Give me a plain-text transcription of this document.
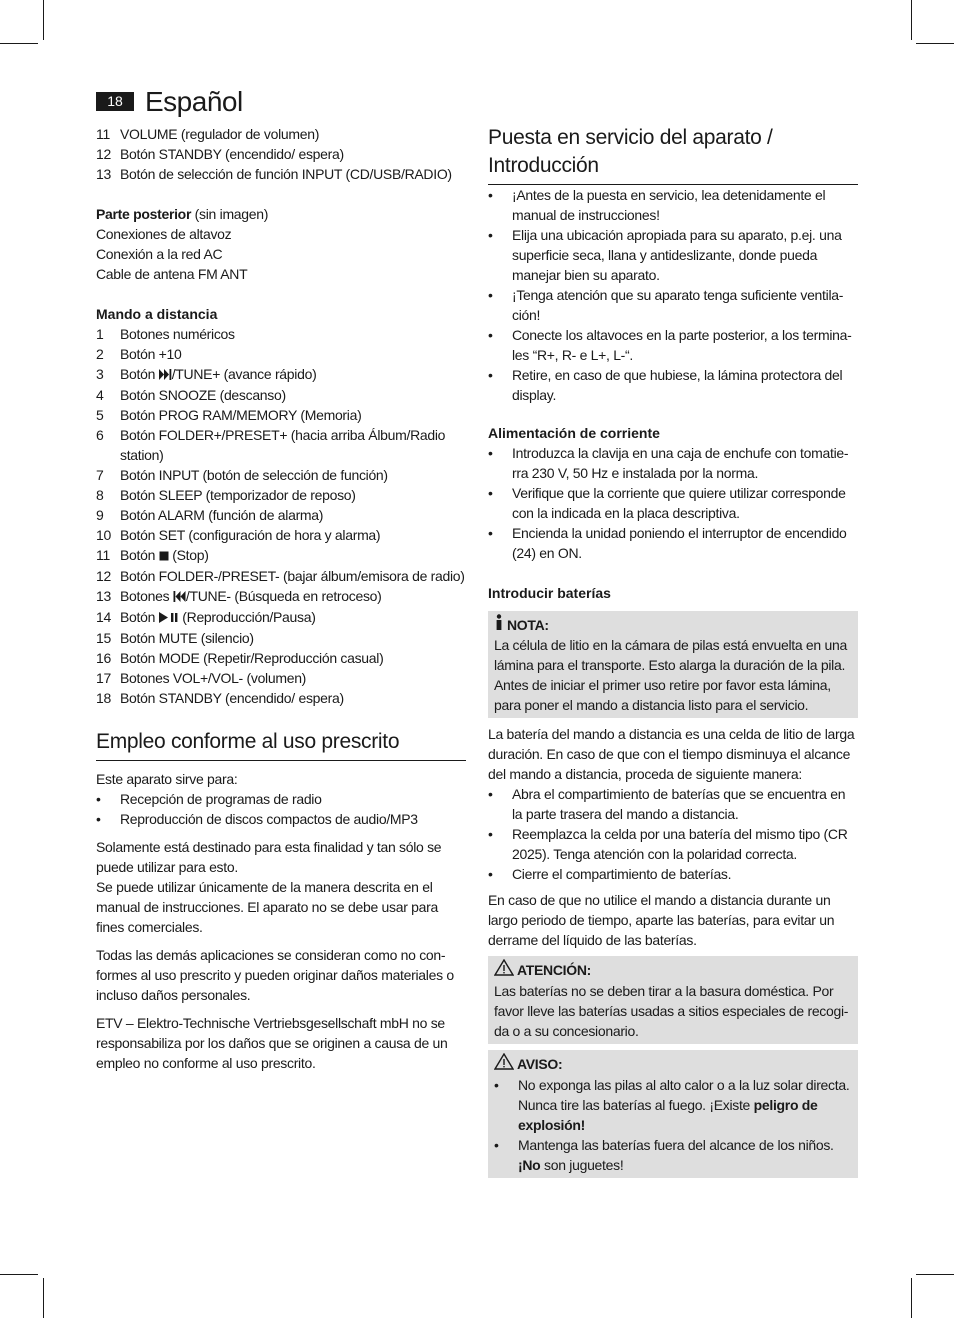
18 Español
11 VOLUME (regulador de volumen)
12 Botón STANDBY (encendido/ espera)
13 Botón de selección de función INPUT (CD/USB/RADIO)

Parte posterior (sin imagen)

Conexiones de altavoz

Conexión a la red AC

Cable de antena FM ANT

Mando a distancia
1	Botones numéricos
2	Botón +10
3	Botón /TUNE+ (avance rápido)
4	Botón SNOOZE (descanso)
5	Botón PROG RAM/MEMORY (Memoria)
6	Botón FOLDER+/PRESET+ (hacia arriba Álbum/Radio station)
7	Botón INPUT (botón de selección de función)
8	Botón SLEEP (temporizador de reposo)
9	Botón ALARM (función de alarma)
10 Botón SET (configuración de hora y alarma)
11 Botón  (Stop)
12 Botón FOLDER-/PRESET- (bajar álbum/emisora de radio)
13 Botones /TUNE- (Búsqueda en retroceso)
14 Botón  (Reproducción/Pausa)
15 Botón MUTE (silencio)
16 Botón MODE (Repetir/Reproducción casual)
17 Botones VOL+/VOL- (volumen)
18 Botón STANDBY (encendido/ espera)
Empleo conforme al uso prescrito

Este aparato sirve para:

•	Recepción de programas de radio
•	Reproducción de discos compactos de audio/MP3

Solamente está destinado para esta finalidad y tan sólo se puede utilizar para esto.

Se puede utilizar únicamente de la manera descrita en el manual de instrucciones. El aparato no se debe usar para fines comerciales.

Todas las demás aplicaciones se consideran como no conformes al uso prescrito y pueden originar daños materiales o incluso daños personales.

ETV – Elektro-Technische Vertriebsgesellschaft mbH no se responsabiliza por los daños que se originen a causa de un empleo no conforme al uso prescrito.

Puesta en servicio del aparato / Introducción
•	¡Antes de la puesta en servicio, lea detenidamente el manual de instrucciones!
•	Elija una ubicación apropiada para su aparato, p.ej. una superficie seca, llana y antideslizante, donde pueda manejar bien su aparato.
•	¡Tenga atención que su aparato tenga suficiente ventilación!
•	Conecte los altavoces en la parte posterior, a los terminales “R+, R- e L+, L-“.
•	Retire, en caso de que hubiese, la lámina protectora del display.
Alimentación de corriente
•	Introduzca la clavija en una caja de enchufe con tomatierra 230 V, 50 Hz e instalada por la norma.
•	Verifique que la corriente que quiere utilizar corresponde con la indicada en la placa descriptiva.
•	Encienda la unidad poniendo el interruptor de encendido (24) en ON.
Introducir baterías
NOTA:

La célula de litio en la cámara de pilas está envuelta en una lámina para el transporte. Esto alarga la duración de la pila. Antes de iniciar el primer uso retire por favor esta lámina, para poner el mando a distancia listo para el servicio.

La batería del mando a distancia es una celda de litio de larga duración. En caso de que con el tiempo disminuya el alcance del mando a distancia, proceda de siguiente manera:

•	Abra el compartimiento de baterías que se encuentra en la parte trasera del mando a distancia.
•	Reemplazca la celda por una batería del mismo tipo (CR 2025). Tenga atención con la polaridad correcta.
•	Cierre el compartimiento de baterías.

En caso de que no utilice el mando a distancia durante un largo periodo de tiempo, aparte las baterías, para evitar un derrame del líquido de las baterías.

ATENCIÓN:

Las baterías no se deben tirar a la basura doméstica. Por favor lleve las baterías usadas a sitios especiales de recogida o a su concesionario.

AVISO:
•	No exponga las pilas al alto calor o a la luz solar directa. Nunca tire las baterías al fuego. ¡Existe peligro de explosión!
•	Mantenga las baterías fuera del alcance de los niños. ¡No son juguetes!
